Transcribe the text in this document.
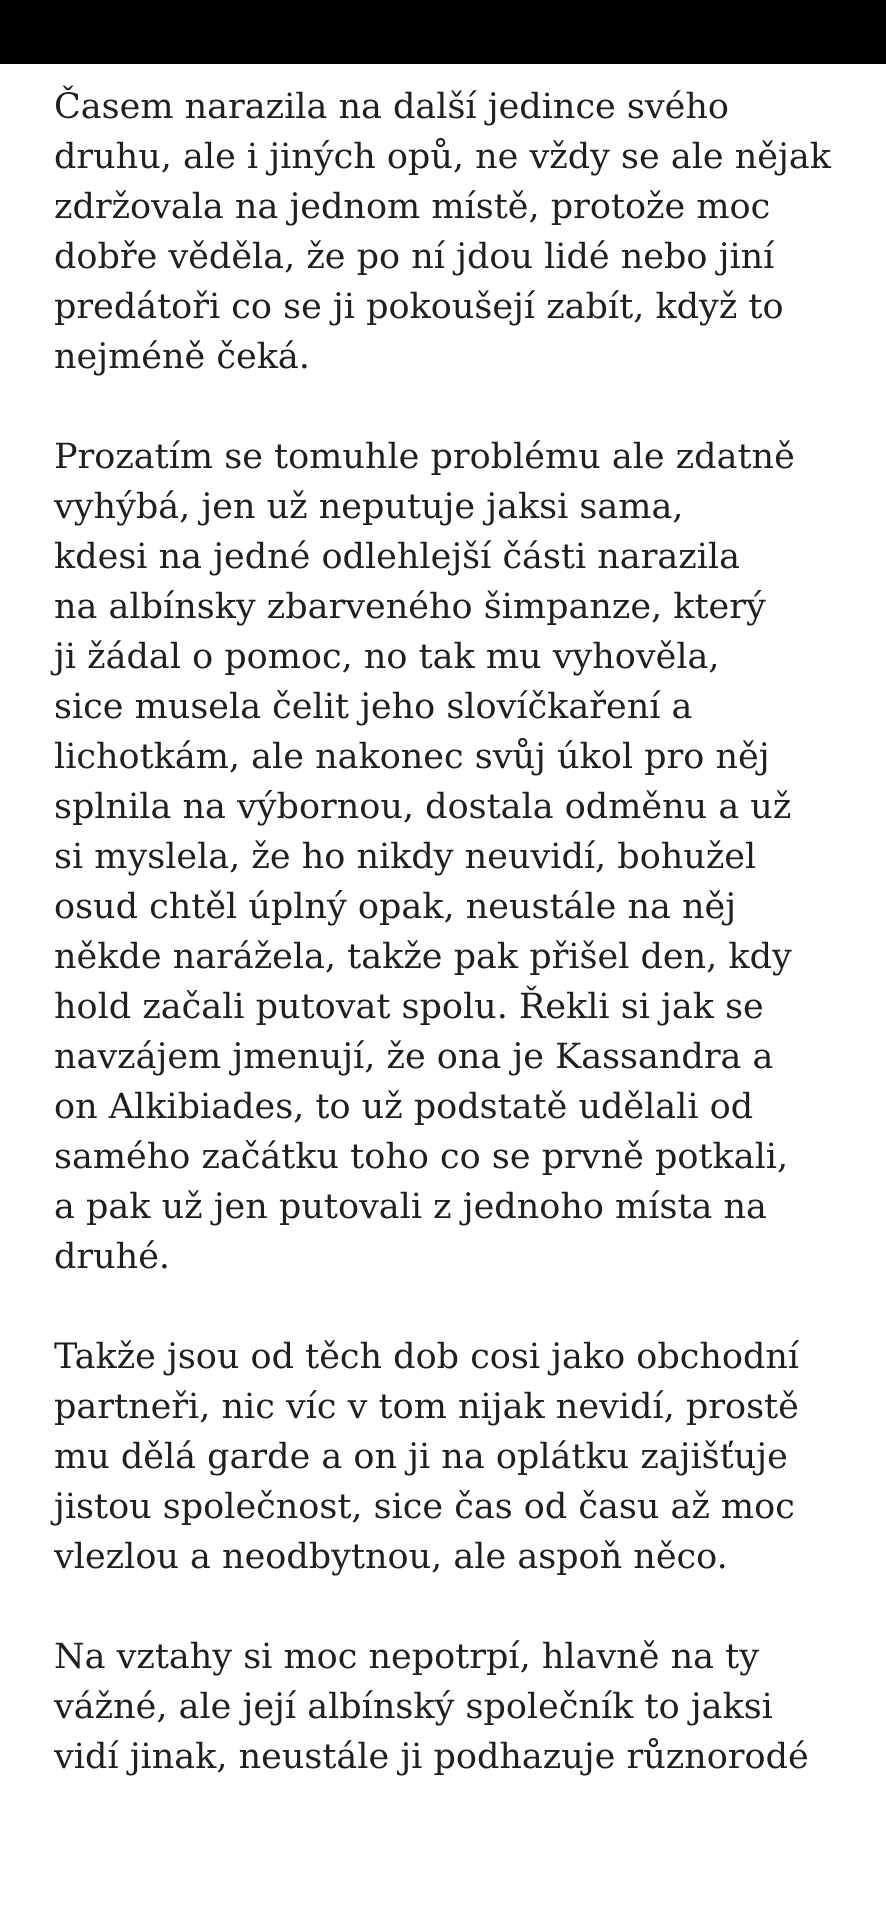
Časem narazila na další jedince svého
druhu, ale i jiných opů, ne vždy se ale nějak
zdržovala na jednom místě, protože moc
dobře věděla, že po ní jdou lidé nebo jiní
predátoři co se ji pokoušejí zabít, když to
nejméně čeká.
Prozatím se tomuhle problému ale zdatně
vyhýbá, jen už neputuje jaksi sama,
kdesi na jedné odlehlejší části narazila
na albínsky zbarveného šimpanze, který
ji žádal o pomoc, no tak mu vyhověla,
sice musela čelit jeho slovíčkaření a
lichotkám, ale nakonec svůj úkol pro něj
splnila na výbornou, dostala odměnu a už
si myslela, že ho nikdy neuvidí, bohužel
osud chtěl úplný opak, neustále na něj
někde narážela, takže pak přišel den, kdy
hold začali putovat spolu. Řekli si jak se
navzájem jmenují, že ona je Kassandra a
on Alkibiades, to už podstatě udělali od
samého začátku toho co se prvně potkali,
a pak už jen putovali z jednoho místa na
druhé.
Takže jsou od těch dob cosi jako obchodní
partneři, nic víc v tom nijak nevidí, prostě
mu dělá garde a on ji na oplátku zajišťuje
jistou společnost, sice čas od času až moc
vlezlou a neodbytnou, ale aspoň něco.
Na vztahy si moc nepotrpí, hlavně na ty
vážné, ale její albínský společník to jaksi
vidí jinak, neustále ji podhazuje různorodé
